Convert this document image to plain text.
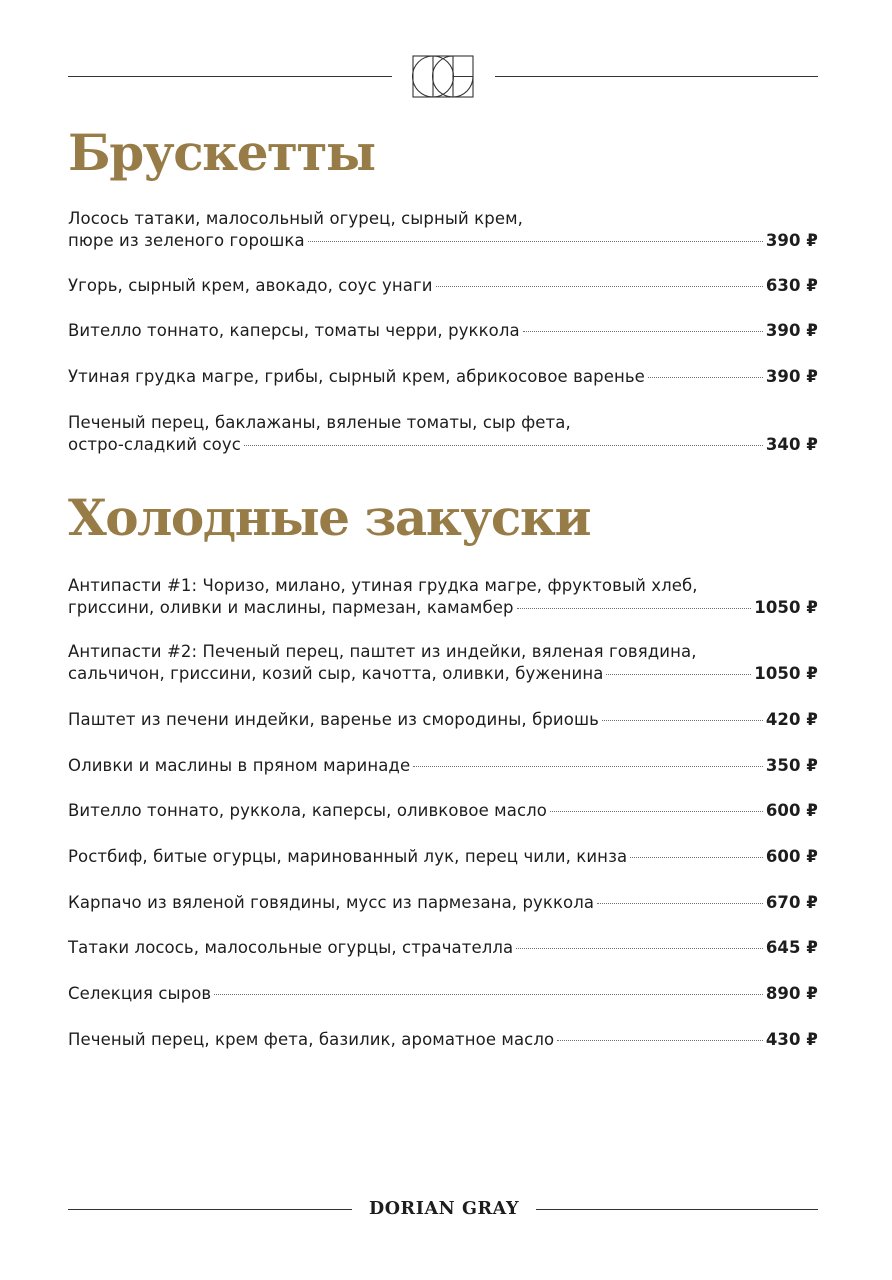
Брускетты
Лосось татаки, малосольный огурец, сырный крем,
пюре из зеленого горошка	390 ₽
Угорь, сырный крем, авокадо, соус унаги	630 ₽
Вителло тоннато, каперсы, томаты черри, руккола	390 ₽
Утиная грудка магре, грибы, сырный крем, абрикосовое варенье	390 ₽
Печеный перец, баклажаны, вяленые томаты, сыр фета,
остро-сладкий соус	340 ₽
Холодные закуски
Антипасти #1: Чоризо, милано, утиная грудка магре, фруктовый хлеб,
гриссини, оливки и маслины, пармезан, камамбер	1050 ₽
Антипасти #2: Печеный перец, паштет из индейки, вяленая говядина,
сальчичон, гриссини, козий сыр, качотта, оливки, буженина	1050 ₽
Паштет из печени индейки, варенье из смородины, бриошь	420 ₽
Оливки и маслины в пряном маринаде	350 ₽
Вителло тоннато, руккола, каперсы, оливковое масло	600 ₽
Ростбиф, битые огурцы, маринованный лук, перец чили, кинза	600 ₽
Карпачо из вяленой говядины, мусс из пармезана, руккола	670 ₽
Татаки лосось, малосольные огурцы, страчателла	645 ₽
Селекция сыров	890 ₽
Печеный перец, крем фета, базилик, ароматное масло	430 ₽
DORIAN GRAY
